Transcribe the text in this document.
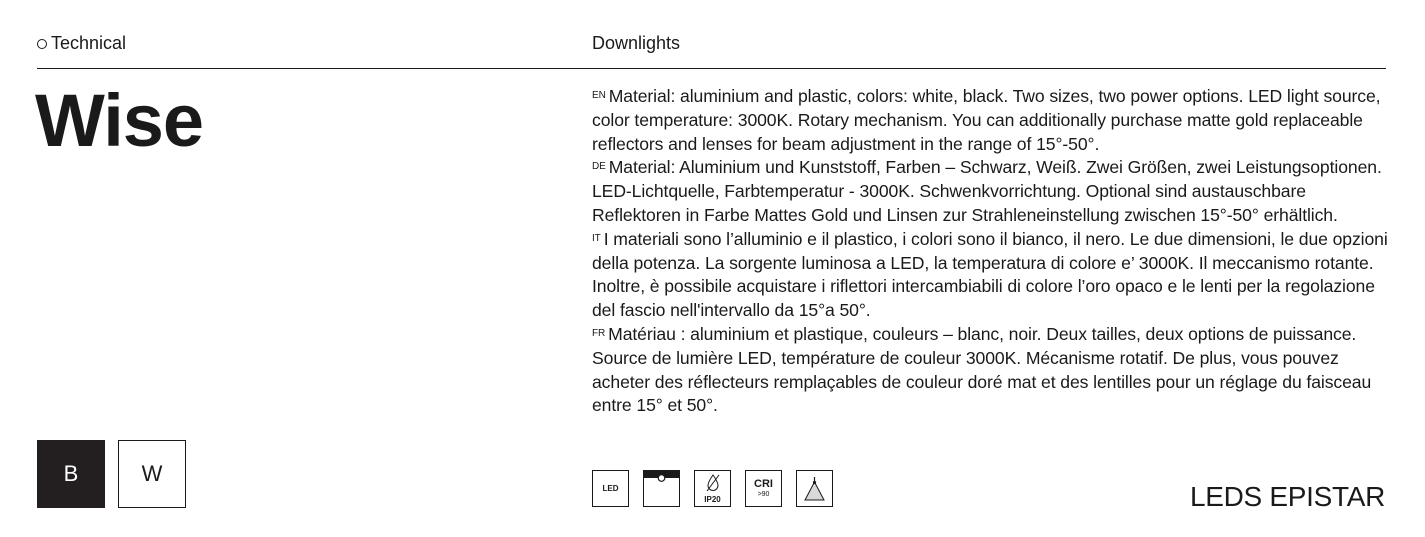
Technical	Downlights
Wise	$^{EN}$ Material: aluminium and plastic, colors: white, black. Two sizes, two power options. LED light source, color temperature: 3000K. Rotary mechanism. You can additionally purchase matte gold replaceable reflectors and lenses for beam adjustment in the range of 15°-50°.

$^{DE}$ Material: Aluminium und Kunststoff, Farben – Schwarz, Weiß. Zwei Größen, zwei Leistungsoptionen. LED-Lichtquelle, Farbtemperatur - 3000K. Schwenkvorrichtung. Optional sind austauschbare Reflektoren in Farbe Mattes Gold und Linsen zur Strahleneinstellung zwischen 15°-50° erhältlich.

$^{IT}$ I materiali sono l’alluminio e il plastico, i colori sono il bianco, il nero. Le due dimensioni, le due opzioni della potenza. La sorgente luminosa a LED, la temperatura di colore e’ 3000K. Il meccanismo rotante. Inoltre, è possibile acquistare i riflettori intercambiabili di colore l’oro opaco e le lenti per la regolazione del fascio nell'intervallo da 15°a 50°.

$^{FR}$ Matériau : aluminium et plastique, couleurs – blanc, noir. Deux tailles, deux options de puissance. Source de lumière LED, température de couleur 3000K. Mécanisme rotatif. De plus, vous pouvez acheter des réflecteurs remplaçables de couleur doré mat et des lentilles pour un réglage du faisceau entre 15° et 50°.

B	W
LED
IP20
CRI
>90	LEDS EPISTAR
